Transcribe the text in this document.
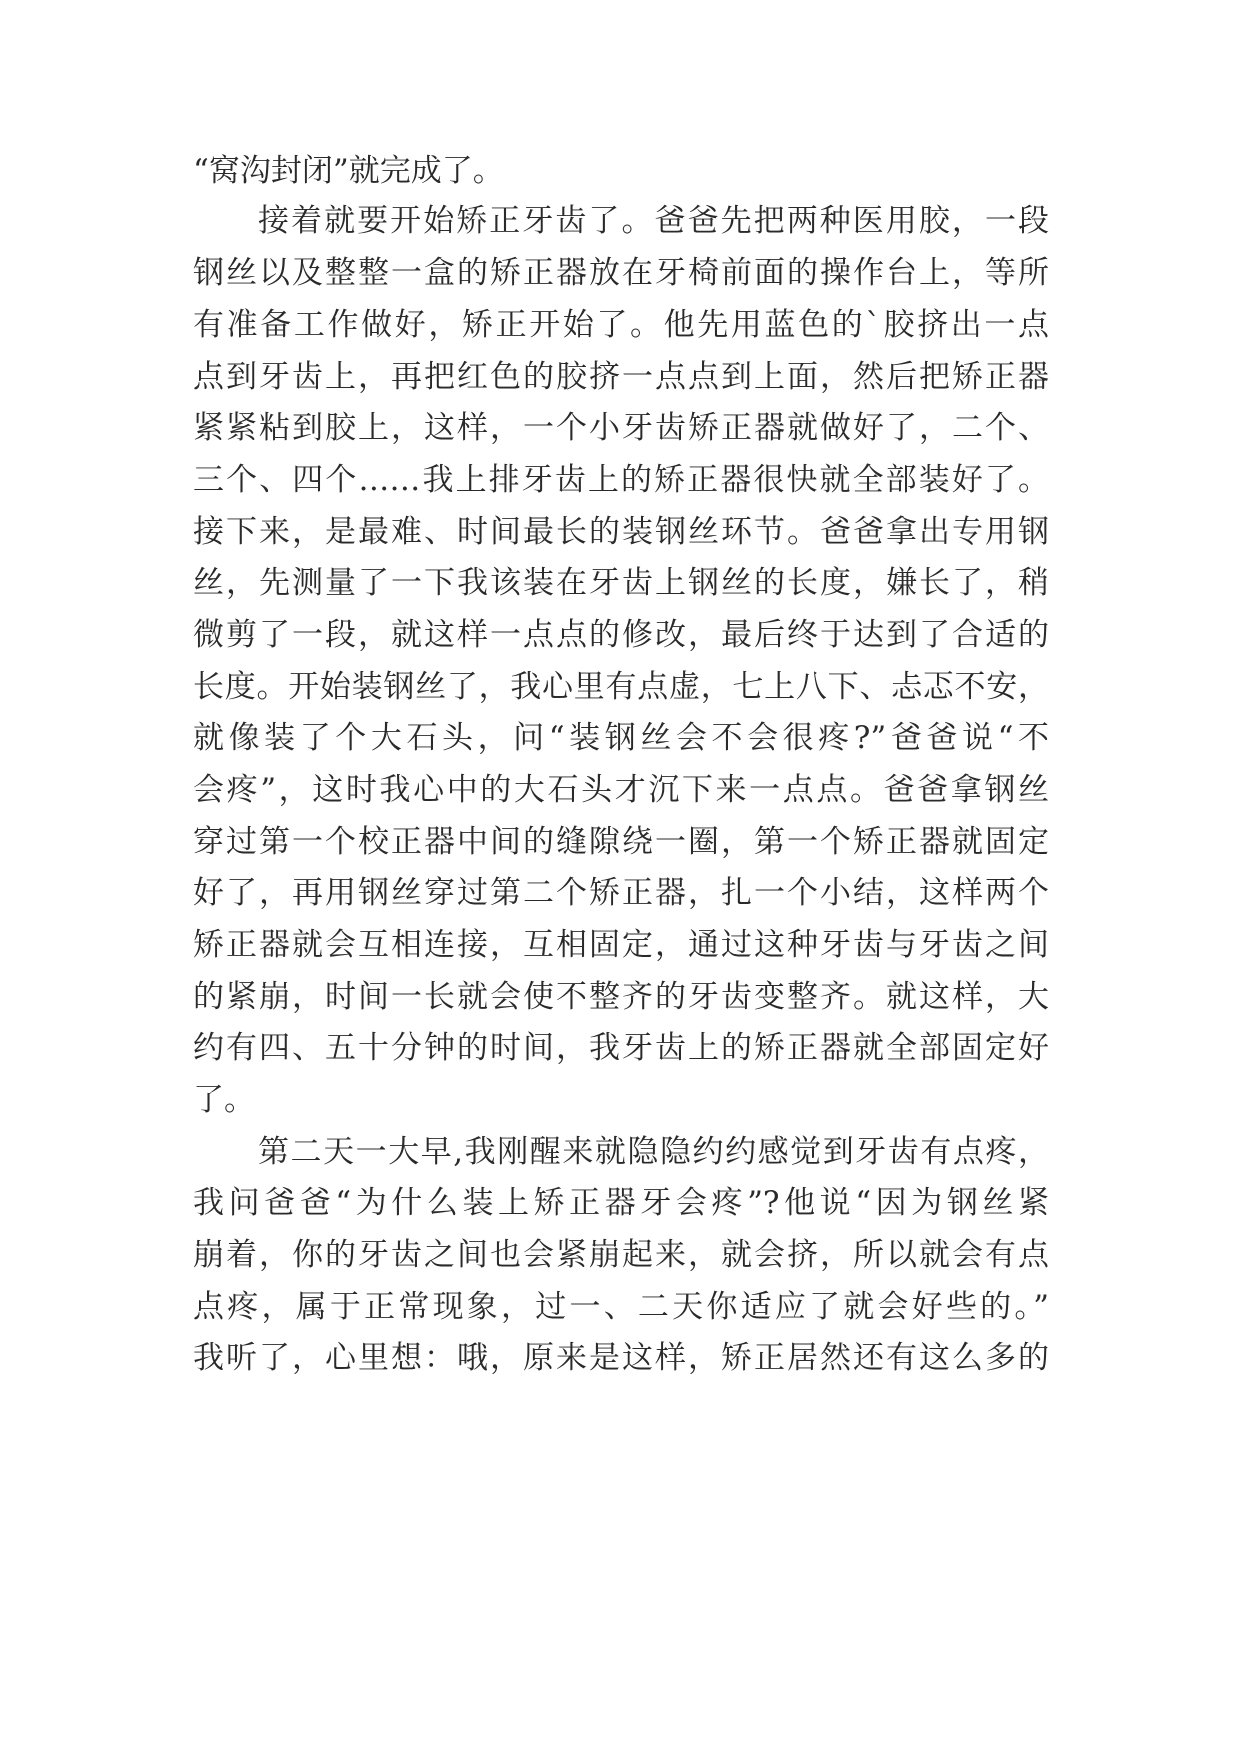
“窝沟封闭”就完成了。
接着就要开始矫正牙齿了。爸爸先把两种医用胶，一段
钢丝以及整整一盒的矫正器放在牙椅前面的操作台上，等所
有准备工作做好，矫正开始了。他先用蓝色的`胶挤出一点
点到牙齿上，再把红色的胶挤一点点到上面，然后把矫正器
紧紧粘到胶上，这样，一个小牙齿矫正器就做好了，二个、
三个、四个……我上排牙齿上的矫正器很快就全部装好了。
接下来，是最难、时间最长的装钢丝环节。爸爸拿出专用钢
丝，先测量了一下我该装在牙齿上钢丝的长度，嫌长了，稍
微剪了一段，就这样一点点的修改，最后终于达到了合适的
长度。开始装钢丝了，我心里有点虚，七上八下、忐忑不安，
就像装了个大石头，问“装钢丝会不会很疼?”爸爸说“不
会疼”，这时我心中的大石头才沉下来一点点。爸爸拿钢丝
穿过第一个校正器中间的缝隙绕一圈，第一个矫正器就固定
好了，再用钢丝穿过第二个矫正器，扎一个小结，这样两个
矫正器就会互相连接，互相固定，通过这种牙齿与牙齿之间
的紧崩，时间一长就会使不整齐的牙齿变整齐。就这样，大
约有四、五十分钟的时间，我牙齿上的矫正器就全部固定好
了。
第二天一大早,我刚醒来就隐隐约约感觉到牙齿有点疼，
我问爸爸“为什么装上矫正器牙会疼”?他说“因为钢丝紧
崩着，你的牙齿之间也会紧崩起来，就会挤，所以就会有点
点疼，属于正常现象，过一、二天你适应了就会好些的。”
我听了，心里想：哦，原来是这样，矫正居然还有这么多的
